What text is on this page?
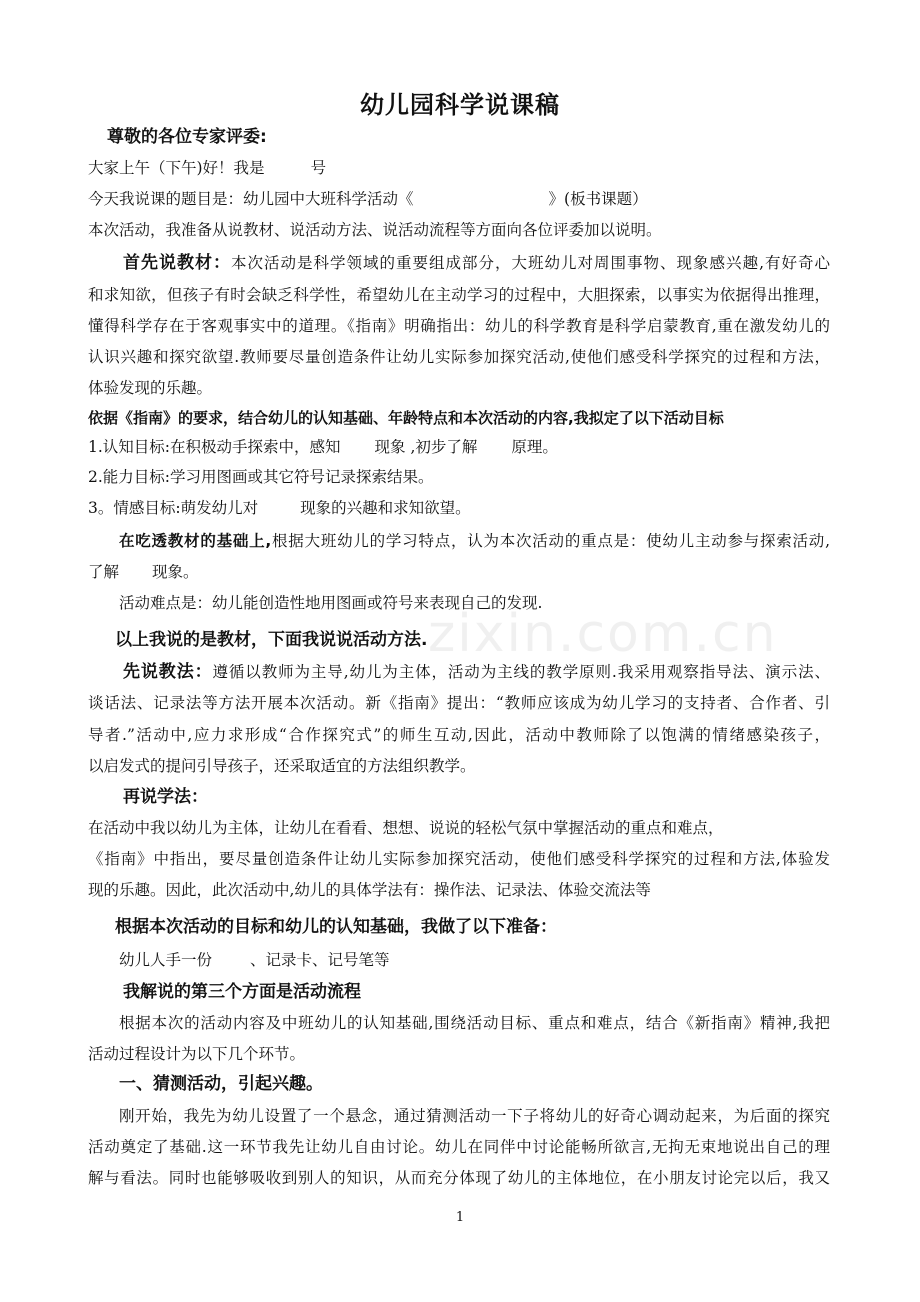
zixin.com.cn
幼儿园科学说课稿
尊敬的各位专家评委:
大家上午（下午)好！我是	号
今天我说课的题目是：幼儿园中大班科学活动《	》(板书课题）
本次活动，我准备从说教材、说活动方法、说活动流程等方面向各位评委加以说明。
首先说教材：本次活动是科学领域的重要组成部分，大班幼儿对周围事物、现象感兴趣,有好奇心
和求知欲，但孩子有时会缺乏科学性，希望幼儿在主动学习的过程中，大胆探索，以事实为依据得出推理，
懂得科学存在于客观事实中的道理。《指南》明确指出：幼儿的科学教育是科学启蒙教育,重在激发幼儿的
认识兴趣和探究欲望.教师要尽量创造条件让幼儿实际参加探究活动,使他们感受科学探究的过程和方法，
体验发现的乐趣。
依据《指南》的要求，结合幼儿的认知基础、年龄特点和本次活动的内容,我拟定了以下活动目标
1.认知目标:在积极动手探索中，感知 现象 ,初步了解 原理。
2.能力目标:学习用图画或其它符号记录探索结果。
3。情感目标:萌发幼儿对	现象的兴趣和求知欲望。
在吃透教材的基础上,根据大班幼儿的学习特点，认为本次活动的重点是：使幼儿主动参与探索活动,
了解 现象。
活动难点是：幼儿能创造性地用图画或符号来表现自己的发现.
以上我说的是教材，下面我说说活动方法.
先说教法：遵循以教师为主导,幼儿为主体，活动为主线的教学原则.我采用观察指导法、演示法、
谈话法、记录法等方法开展本次活动。新《指南》提出：“教师应该成为幼儿学习的支持者、合作者、引
导者.”活动中,应力求形成“合作探究式”的师生互动,因此，活动中教师除了以饱满的情绪感染孩子，
以启发式的提问引导孩子，还采取适宜的方法组织教学。
再说学法：
在活动中我以幼儿为主体，让幼儿在看看、想想、说说的轻松气氛中掌握活动的重点和难点，
《指南》中指出，要尽量创造条件让幼儿实际参加探究活动，使他们感受科学探究的过程和方法,体验发
现的乐趣。因此，此次活动中,幼儿的具体学法有：操作法、记录法、体验交流法等
根据本次活动的目标和幼儿的认知基础，我做了以下准备：
幼儿人手一份 、记录卡、记号笔等
我解说的第三个方面是活动流程
根据本次的活动内容及中班幼儿的认知基础,围绕活动目标、重点和难点，结合《新指南》精神,我把
活动过程设计为以下几个环节。
一、猜测活动，引起兴趣。
刚开始，我先为幼儿设置了一个悬念，通过猜测活动一下子将幼儿的好奇心调动起来，为后面的探究
活动奠定了基础.这一环节我先让幼儿自由讨论。幼儿在同伴中讨论能畅所欲言,无拘无束地说出自己的理
解与看法。同时也能够吸收到别人的知识，从而充分体现了幼儿的主体地位，在小朋友讨论完以后，我又
1
